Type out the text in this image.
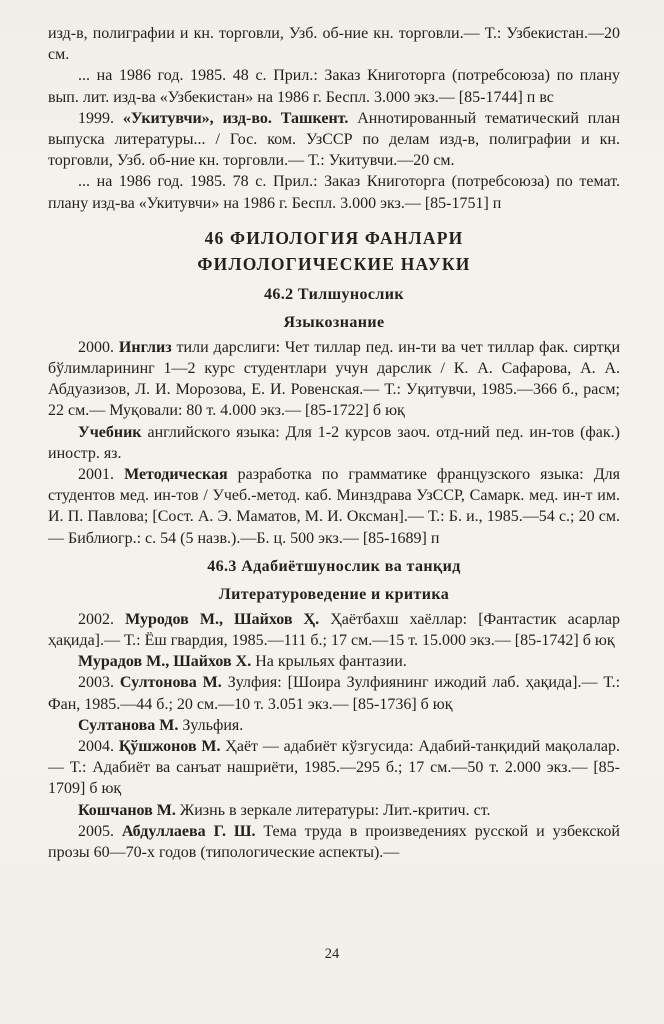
изд-в, полиграфии и кн. торговли, Узб. об-ние кн. торговли.— Т.: Узбекистан.—20 см.

... на 1986 год. 1985. 48 с. Прил.: Заказ Книготорга (потребсоюза) по плану вып. лит. изд-ва «Узбекистан» на 1986 г. Беспл. 3.000 экз.— [85-1744] п вс

1999. «Укитувчи», изд-во. Ташкент. Аннотированный тематический план выпуска литературы... / Гос. ком. УзССР по делам изд-в, полиграфии и кн. торговли, Узб. об-ние кн. торговли.— Т.: Укитувчи.—20 см.

... на 1986 год. 1985. 78 с. Прил.: Заказ Книготорга (потребсоюза) по темат. плану изд-ва «Укитувчи» на 1986 г. Беспл. 3.000 экз.— [85-1751] п

46 ФИЛОЛОГИЯ ФАНЛАРИ
ФИЛОЛОГИЧЕСКИЕ НАУКИ
46.2 Тилшунослик
Языкознание

2000. Инглиз тили дарслиги: Чет тиллар пед. ин-ти ва чет тиллар фак. сиртқи бўлимларининг 1—2 курс студентлари учун дарслик / К. А. Сафарова, А. А. Абдуазизов, Л. И. Морозова, Е. И. Ровенская.— Т.: Уқитувчи, 1985.—366 б., расм; 22 см.— Муқовали: 80 т. 4.000 экз.— [85-1722] б юқ

Учебник английского языка: Для 1-2 курсов заоч. отд-ний пед. ин-тов (фак.) иностр. яз.

2001. Методическая разработка по грамматике французского языка: Для студентов мед. ин-тов / Учеб.-метод. каб. Минздрава УзССР, Самарк. мед. ин-т им. И. П. Павлова; [Сост. А. Э. Маматов, М. И. Оксман].— Т.: Б. и., 1985.—54 с.; 20 см.— Библиогр.: с. 54 (5 назв.).—Б. ц. 500 экз.— [85-1689] п

46.3 Адабиётшунослик ва танқид
Литературоведение и критика

2002. Муродов М., Шайхов Ҳ. Ҳаётбахш хаёллар: [Фантастик асарлар ҳақида].— Т.: Ёш гвардия, 1985.—111 б.; 17 см.—15 т. 15.000 экз.— [85-1742] б юқ

Мурадов М., Шайхов Х. На крыльях фантазии.

2003. Султонова М. Зулфия: [Шоира Зулфиянинг ижодий лаб. ҳақида].— Т.: Фан, 1985.—44 б.; 20 см.—10 т. 3.051 экз.— [85-1736] б юқ

Султанова М. Зульфия.

2004. Қўшжонов М. Ҳаёт — адабиёт кўзгусида: Адабий-танқидий мақолалар.— Т.: Адабиёт ва санъат нашриёти, 1985.—295 б.; 17 см.—50 т. 2.000 экз.— [85-1709] б юқ

Кошчанов М. Жизнь в зеркале литературы: Лит.-критич. ст.

2005. Абдуллаева Г. Ш. Тема труда в произведениях русской и узбекской прозы 60—70-х годов (типологические аспекты).—

24
